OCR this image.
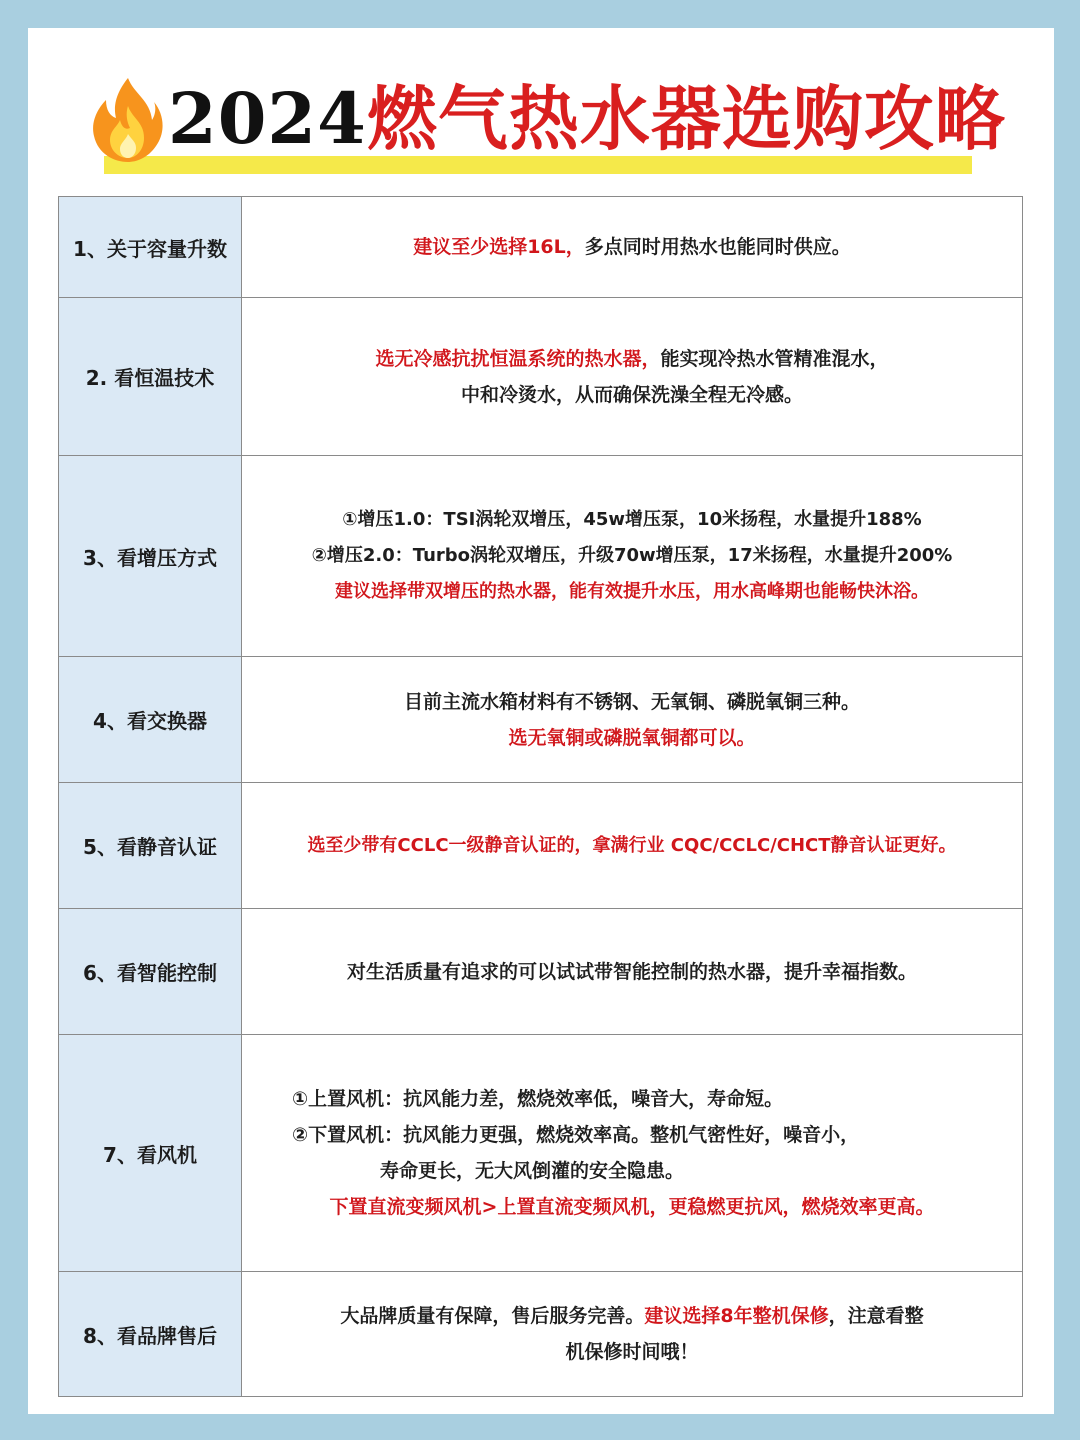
2024燃气热水器选购攻略
1、关于容量升数	建议至少选择16L，多点同时用热水也能同时供应。

2. 看恒温技术	选无冷感抗扰恒温系统的热水器，能实现冷热水管精准混水，
中和冷烫水，从而确保洗澡全程无冷感。

3、看增压方式	①增压1.0：TSI涡轮双增压，45w增压泵，10米扬程，水量提升188%
②增压2.0：Turbo涡轮双增压，升级70w增压泵，17米扬程，水量提升200%
建议选择带双增压的热水器，能有效提升水压，用水高峰期也能畅快沐浴。

4、看交换器	目前主流水箱材料有不锈钢、无氧铜、磷脱氧铜三种。
选无氧铜或磷脱氧铜都可以。

5、看静音认证	选至少带有CCLC一级静音认证的，拿满行业 CQC/CCLC/CHCT静音认证更好。

6、看智能控制	对生活质量有追求的可以试试带智能控制的热水器，提升幸福指数。

7、看风机	①上置风机：抗风能力差，燃烧效率低，噪音大，寿命短。
②下置风机：抗风能力更强，燃烧效率高。整机气密性好，噪音小，
寿命更长，无大风倒灌的安全隐患。
下置直流变频风机>上置直流变频风机，更稳燃更抗风，燃烧效率更高。

8、看品牌售后	大品牌质量有保障，售后服务完善。建议选择8年整机保修，注意看整
机保修时间哦！
